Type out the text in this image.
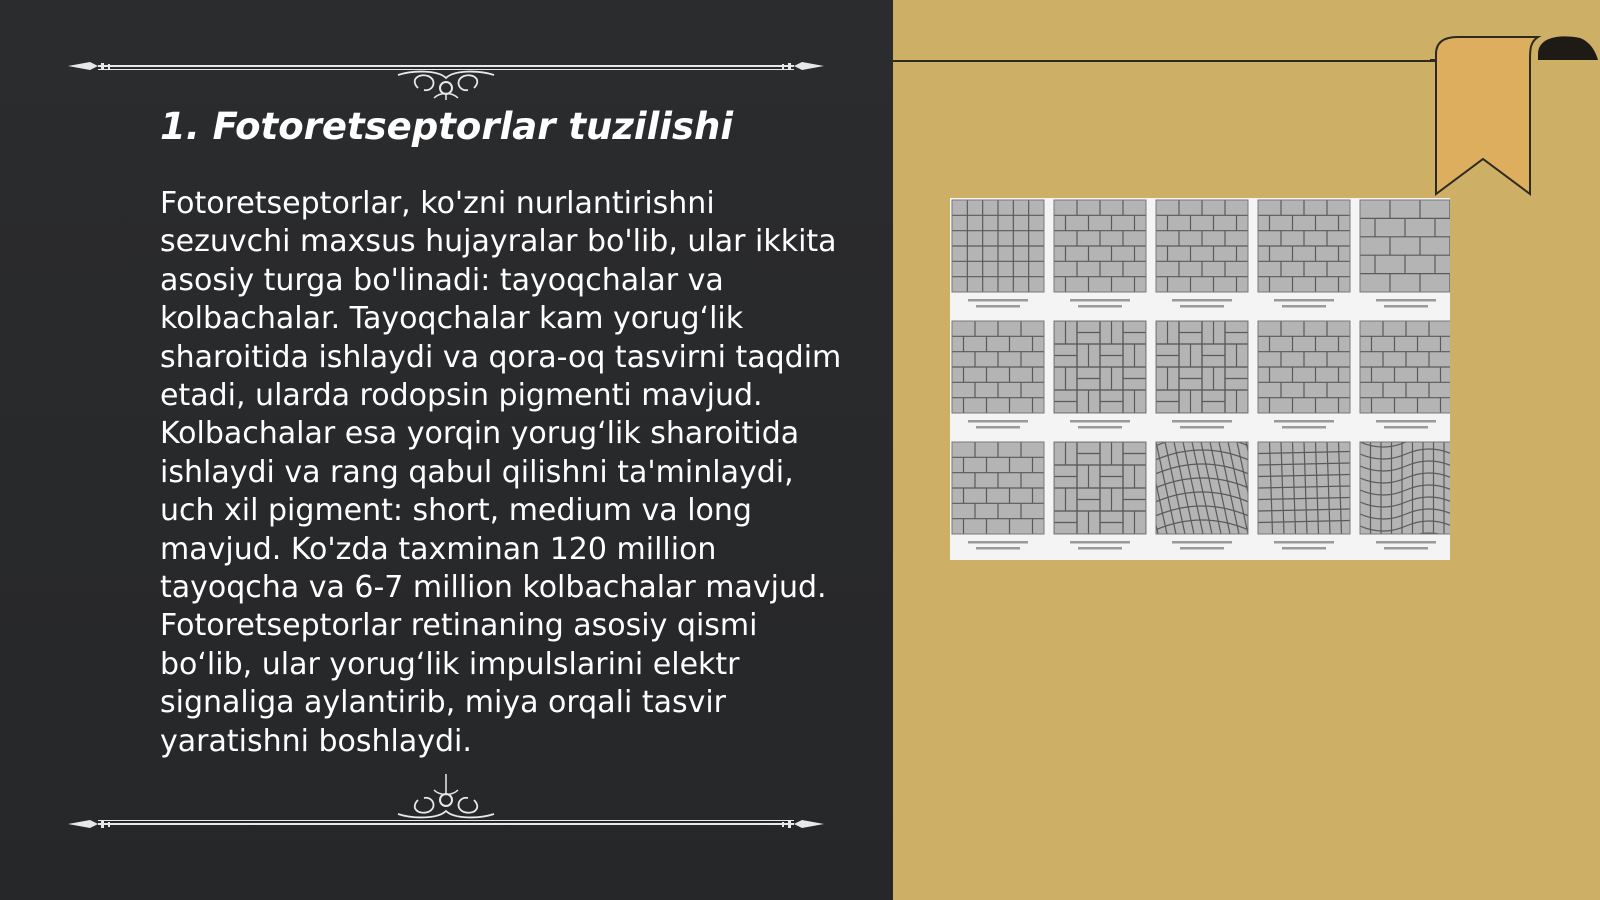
1. Fotoretseptorlar tuzilishi

Fotoretseptorlar, ko'zni nurlantirishni sezuvchi maxsus hujayralar bo'lib, ular ikkita asosiy turga bo'linadi: tayoqchalar va kolbachalar. Tayoqchalar kam yorug‘lik sharoitida ishlaydi va qora-oq tasvirni taqdim etadi, ularda rodopsin pigmenti mavjud. Kolbachalar esa yorqin yorug‘lik sharoitida ishlaydi va rang qabul qilishni ta'minlaydi, uch xil pigment: short, medium va long mavjud. Ko'zda taxminan 120 million tayoqcha va 6-7 million kolbachalar mavjud. Fotoretseptorlar retinaning asosiy qismi bo‘lib, ular yorug‘lik impulslarini elektr signaliga aylantirib, miya orqali tasvir yaratishni boshlaydi.
